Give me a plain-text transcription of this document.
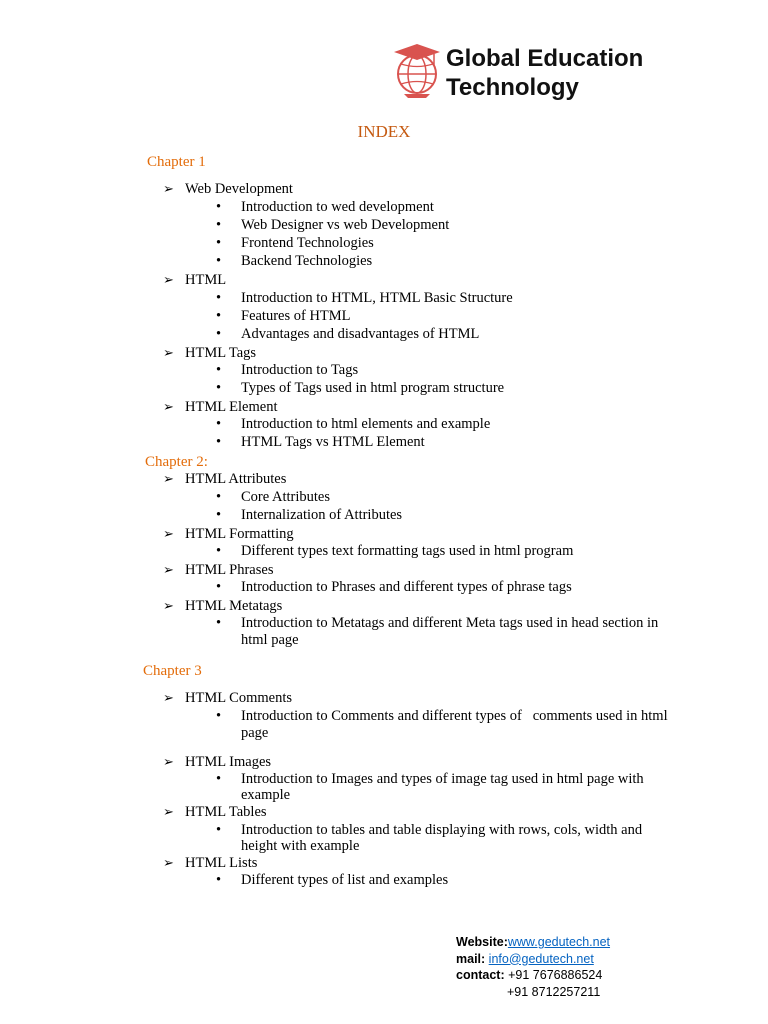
Global Education
Technology
INDEX
Chapter 1
➢ Web Development
•	Introduction to wed development
•	Web Designer vs web Development
•	Frontend Technologies
•	Backend Technologies
➢ HTML
•	Introduction to HTML, HTML Basic Structure
•	Features of HTML
•	Advantages and disadvantages of HTML
➢ HTML Tags
•	Introduction to Tags
•	Types of Tags used in html program structure
➢ HTML Element
•	Introduction to html elements and example
•	HTML Tags vs HTML Element
Chapter 2:
➢ HTML Attributes
•	Core Attributes
•	Internalization of Attributes
➢ HTML Formatting
•	Different types text formatting tags used in html program
➢ HTML Phrases
•	Introduction to Phrases and different types of phrase tags
➢ HTML Metatags
•	Introduction to Metatags and different Meta tags used in head section in html page
Chapter 3
➢ HTML Comments
•	Introduction to Comments and different types of   comments used in html page
➢ HTML Images
•	Introduction to Images and types of image tag used in html page with example
➢ HTML Tables
•	Introduction to tables and table displaying with rows, cols, width and height with example
➢ HTML Lists
•	Different types of list and examples
Website:www.gedutech.net
mail: info@gedutech.net
contact: +91 7676886524
+91 8712257211
